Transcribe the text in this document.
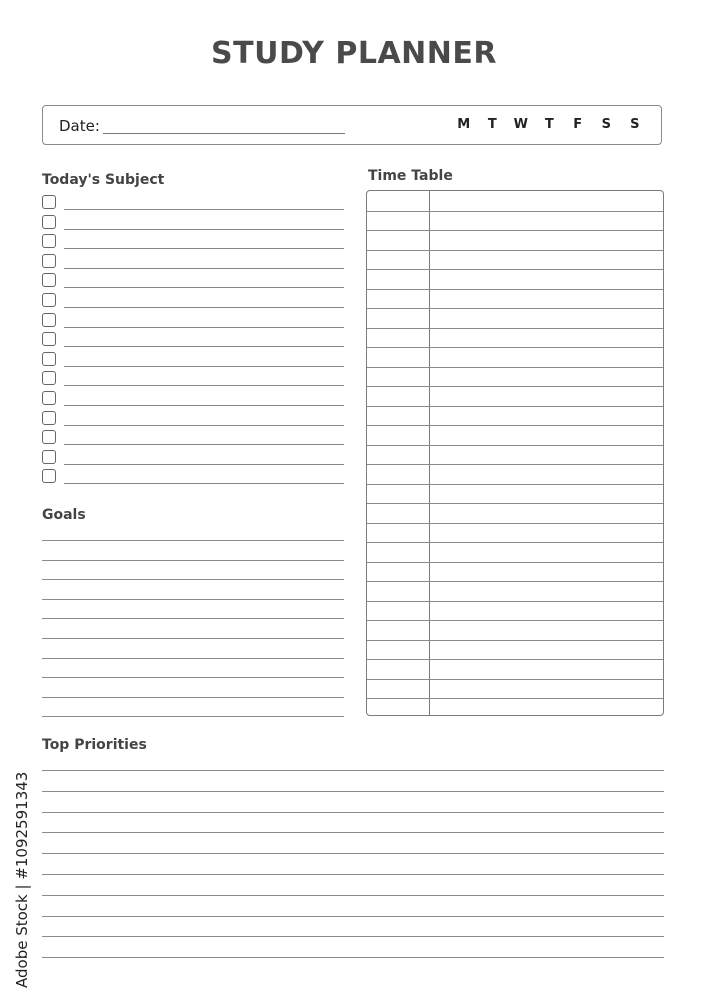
STUDY PLANNER
Date:	M	T	W	T	F	S	S
Today's Subject
Goals
Time Table
Top Priorities
Adobe Stock | #1092591343
